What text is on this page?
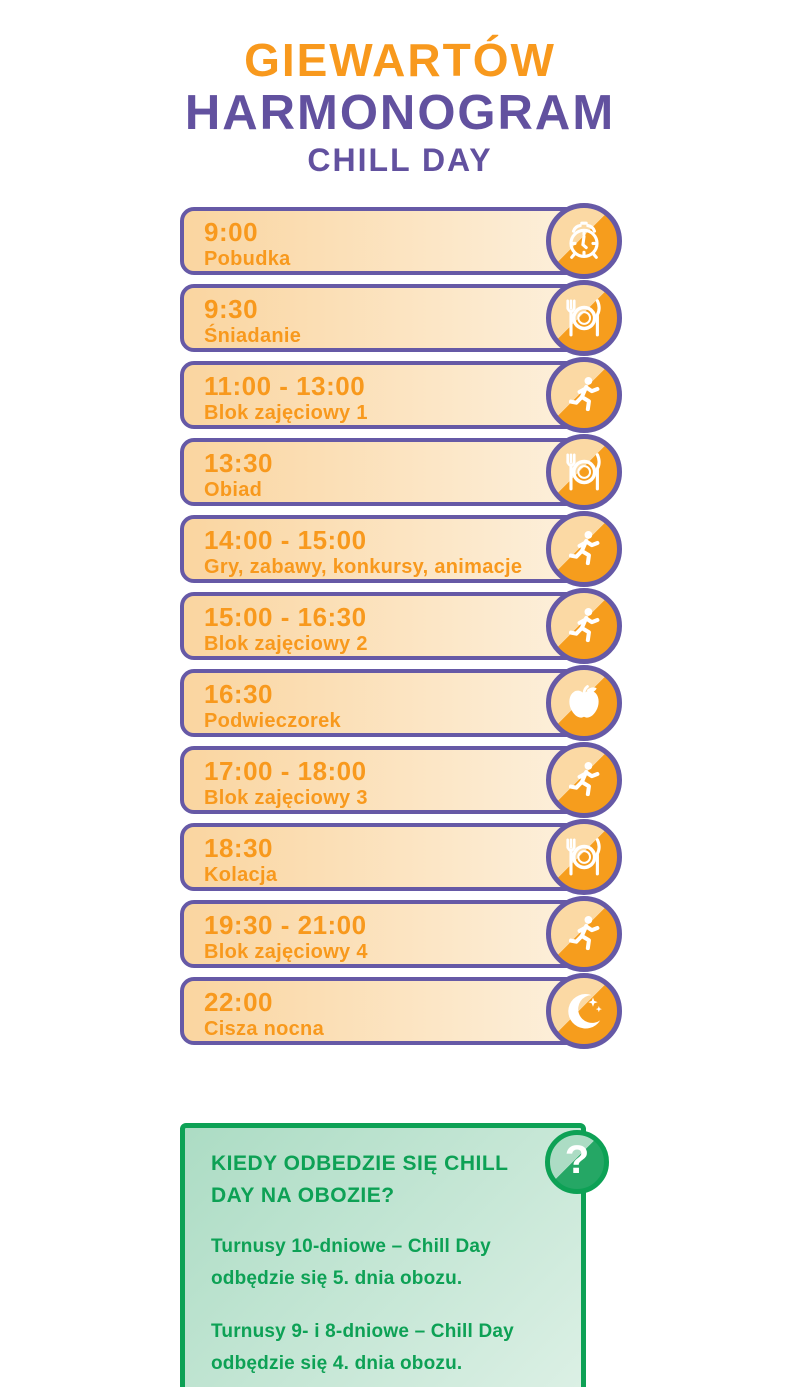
GIEWARTÓW
HARMONOGRAM
CHILL DAY
9:00
Pobudka
9:30
Śniadanie
11:00 - 13:00
Blok zajęciowy 1
13:30
Obiad
14:00 - 15:00
Gry, zabawy, konkursy, animacje
15:00 - 16:30
Blok zajęciowy 2
16:30
Podwieczorek
17:00 - 18:00
Blok zajęciowy 3
18:30
Kolacja
19:30 - 21:00
Blok zajęciowy 4
22:00
Cisza nocna
KIEDY ODBEDZIE SIĘ CHILL DAY NA OBOZIE?

Turnusy 10-dniowe – Chill Day odbędzie się 5. dnia obozu.

Turnusy 9- i 8-dniowe – Chill Day odbędzie się 4. dnia obozu.

?
